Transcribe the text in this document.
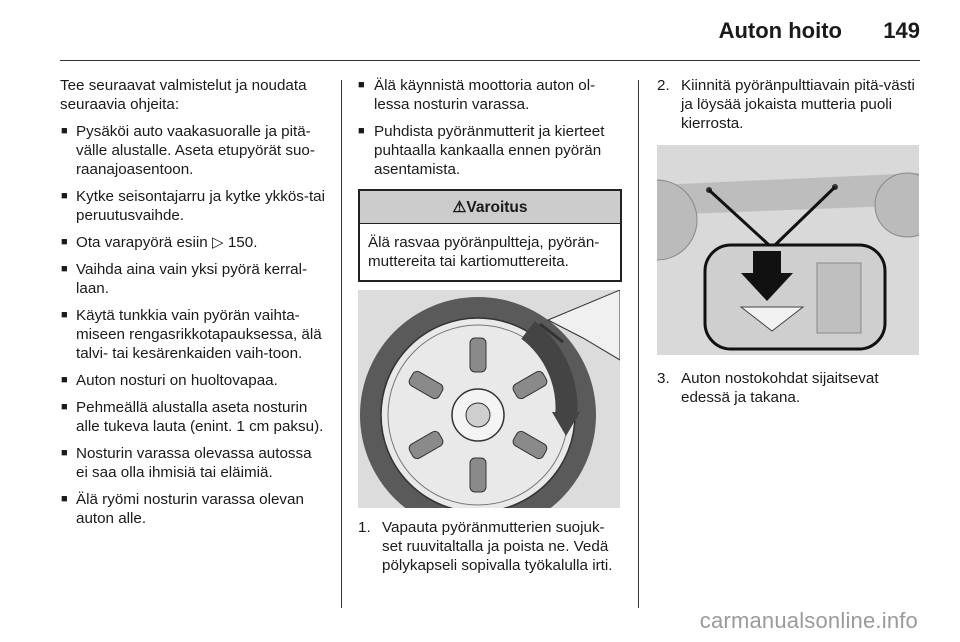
Auton hoito 149

Tee seuraavat valmistelut ja noudata seuraavia ohjeita:

■ Pysäköi auto vaakasuoralle ja pitä-välle alustalle. Aseta etupyörät suo-raanajoasentoon.
■ Kytke seisontajarru ja kytke ykkös-tai peruutusvaihde.
■ Ota varapyörä esiin ▷ 150.
■ Vaihda aina vain yksi pyörä kerral-laan.
■ Käytä tunkkia vain pyörän vaihta-miseen rengasrikkotapauksessa, älä talvi- tai kesärenkaiden vaih-toon.
■ Auton nosturi on huoltovapaa.
■ Pehmeällä alustalla aseta nosturin alle tukeva lauta (enint. 1 cm paksu).
■ Nosturin varassa olevassa autossa ei saa olla ihmisiä tai eläimiä.
■ Älä ryömi nosturin varassa olevan auton alle.
■ Älä käynnistä moottoria auton ol-lessa nosturin varassa.
■ Puhdista pyöränmutterit ja kierteet puhtaalla kankaalla ennen pyörän asentamista.
⚠Varoitus
Älä rasvaa pyöränpultteja, pyörän-muttereita tai kartiomuttereita.
1. Vapauta pyöränmutterien suojuk-set ruuvitaltalla ja poista ne. Vedä pölykapseli sopivalla työkalulla irti.
2. Kiinnitä pyöränpulttiavain pitä-västi ja löysää jokaista mutteria puoli kierrosta.
3. Auton nostokohdat sijaitsevat edessä ja takana.
carmanualsonline.info
